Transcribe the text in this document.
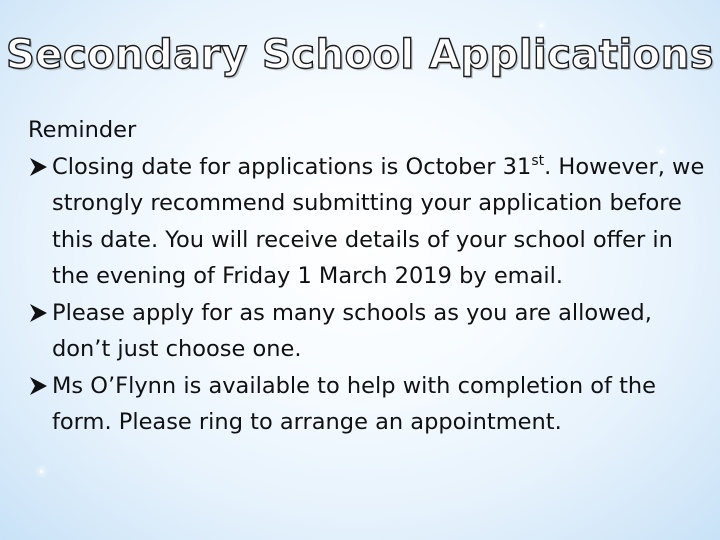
Secondary School Applications

Reminder

Closing date for applications is October 31st. However, we strongly recommend submitting your application before this date. You will receive details of your school offer in the evening of Friday 1 March 2019 by email.
Please apply for as many schools as you are allowed, don’t just choose one.
Ms O’Flynn is available to help with completion of the form. Please ring to arrange an appointment.
